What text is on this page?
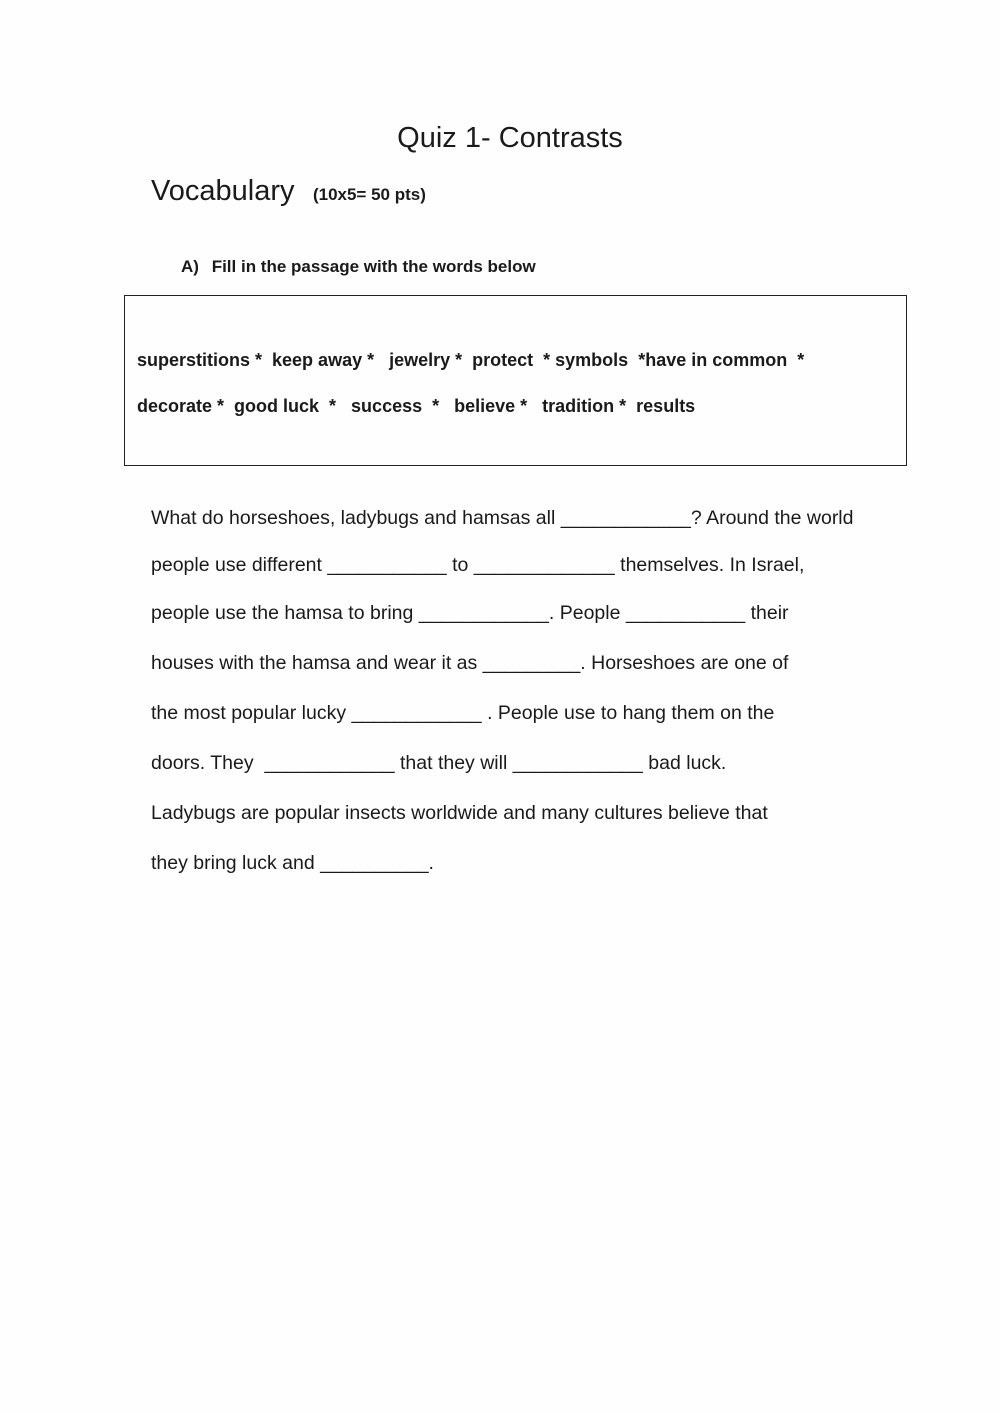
Quiz 1- Contrasts
Vocabulary (10x5= 50 pts)
A) Fill in the passage with the words below
superstitions *  keep away *   jewelry *  protect  * symbols  *have in common  *
decorate *  good luck  *   success  *   believe *   tradition *  results
What do horseshoes, ladybugs and hamsas all ____________? Around the world
people use different ___________ to _____________ themselves. In Israel,
people use the hamsa to bring ____________. People ___________ their
houses with the hamsa and wear it as _________. Horseshoes are one of
the most popular lucky ____________ . People use to hang them on the
doors. They  ____________ that they will ____________ bad luck.
Ladybugs are popular insects worldwide and many cultures believe that
they bring luck and __________.
